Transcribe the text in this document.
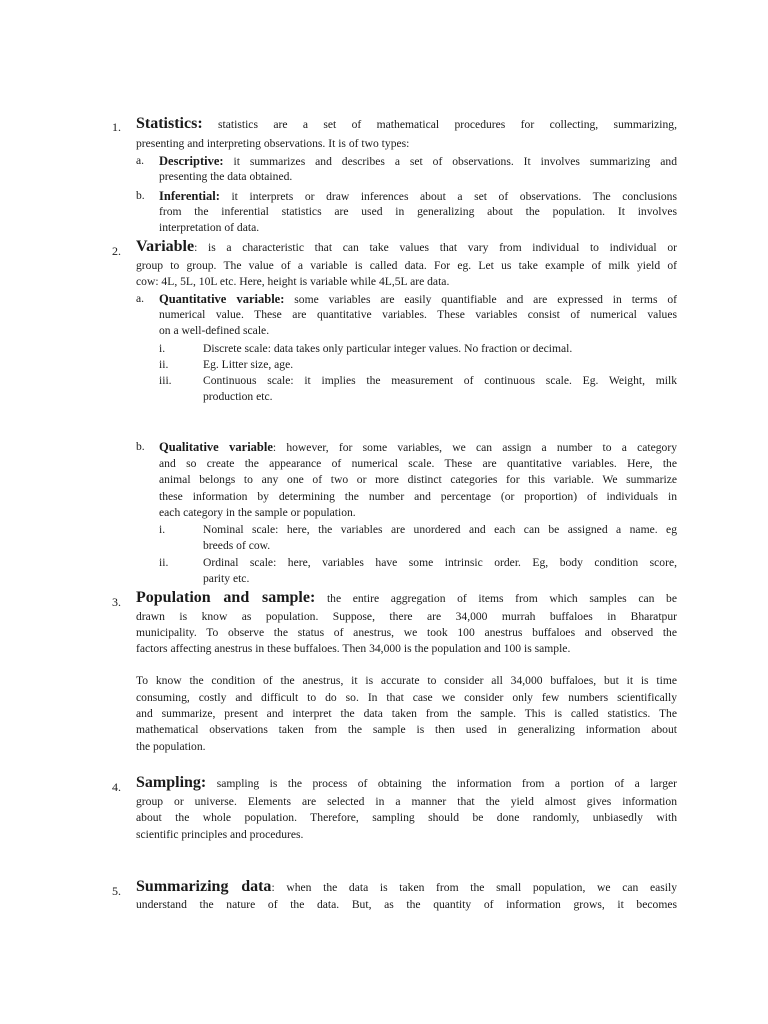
1. Statistics: statistics are a set of mathematical procedures for collecting, summarizing,
presenting and interpreting observations. It is of two types:
a. Descriptive: it summarizes and describes a set of observations. It involves summarizing and
presenting the data obtained.
b. Inferential: it interprets or draw inferences about a set of observations. The conclusions
from the inferential statistics are used in generalizing about the population. It involves
interpretation of data.
2. Variable: is a characteristic that can take values that vary from individual to individual or
group to group. The value of a variable is called data. For eg. Let us take example of milk yield of
cow: 4L, 5L, 10L etc. Here, height is variable while 4L,5L are data.
a. Quantitative variable: some variables are easily quantifiable and are expressed in terms of
numerical value. These are quantitative variables. These variables consist of numerical values
on a well-defined scale.
i.	Discrete scale: data takes only particular integer values. No fraction or decimal.
ii.	Eg. Litter size, age.
iii.	Continuous scale: it implies the measurement of continuous scale. Eg. Weight, milk
production etc.
b. Qualitative variable: however, for some variables, we can assign a number to a category
and so create the appearance of numerical scale. These are quantitative variables. Here, the
animal belongs to any one of two or more distinct categories for this variable. We summarize
these information by determining the number and percentage (or proportion) of individuals in
each category in the sample or population.
i.	Nominal scale: here, the variables are unordered and each can be assigned a name. eg
breeds of cow.
ii.	Ordinal scale: here, variables have some intrinsic order. Eg, body condition score,
parity etc.
3. Population and sample: the entire aggregation of items from which samples can be
drawn is know as population. Suppose, there are 34,000 murrah buffaloes in Bharatpur
municipality. To observe the status of anestrus, we took 100 anestrus buffaloes and observed the
factors affecting anestrus in these buffaloes. Then 34,000 is the population and 100 is sample.
To know the condition of the anestrus, it is accurate to consider all 34,000 buffaloes, but it is time
consuming, costly and difficult to do so. In that case we consider only few numbers scientifically
and summarize, present and interpret the data taken from the sample. This is called statistics. The
mathematical observations taken from the sample is then used in generalizing information about
the population.
4. Sampling: sampling is the process of obtaining the information from a portion of a larger
group or universe. Elements are selected in a manner that the yield almost gives information
about the whole population. Therefore, sampling should be done randomly, unbiasedly with
scientific principles and procedures.
5. Summarizing data: when the data is taken from the small population, we can easily
understand the nature of the data. But, as the quantity of information grows, it becomes
